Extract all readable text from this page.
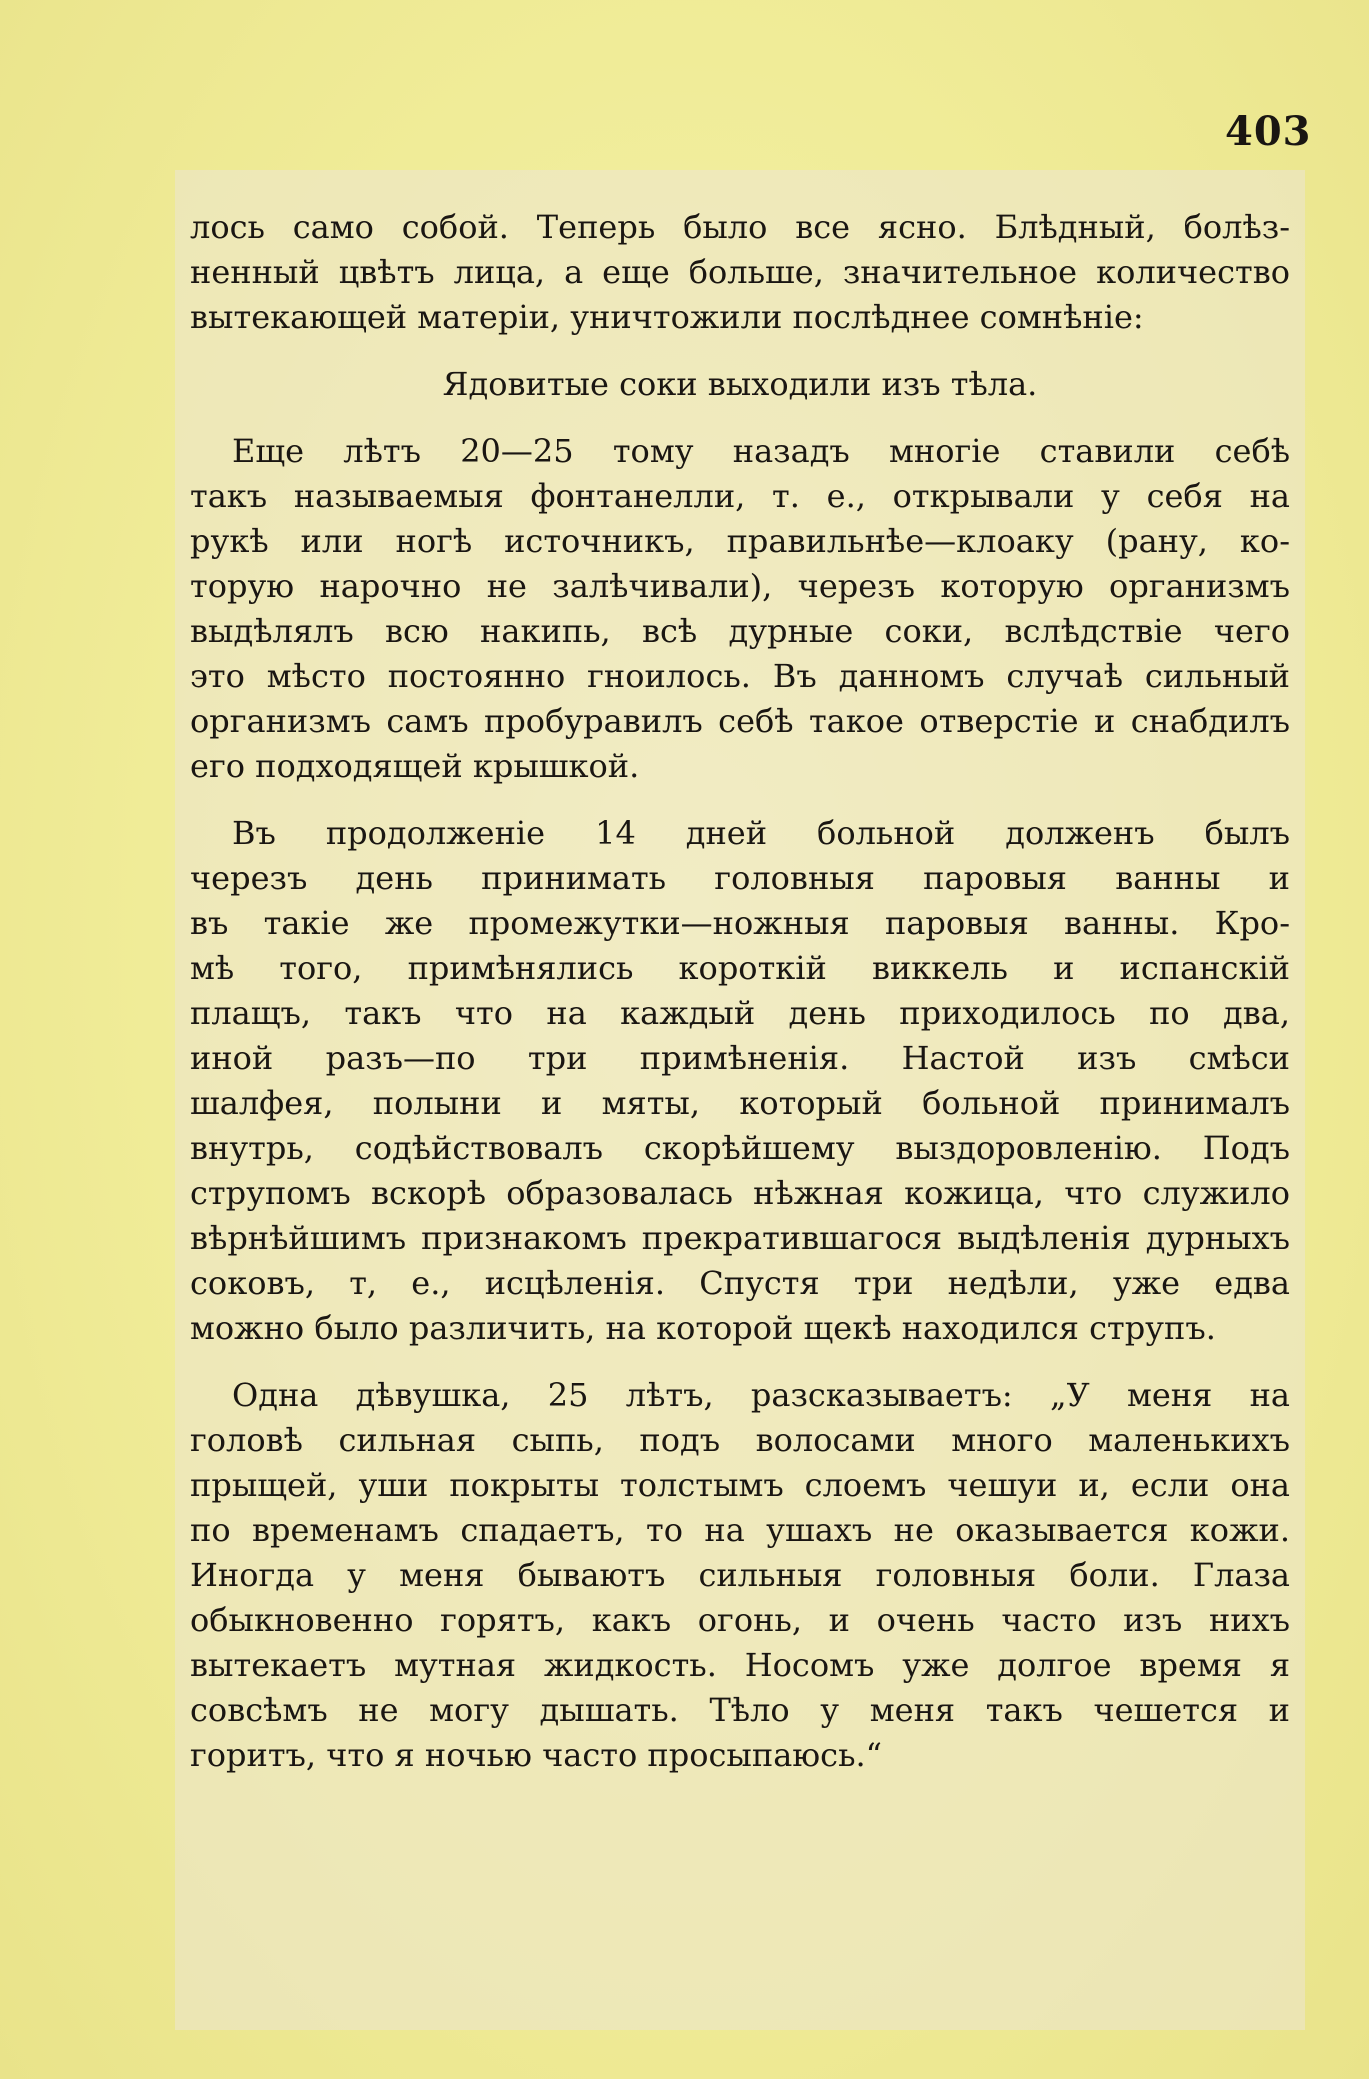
403
лось само собой. Теперь было все ясно. Блѣдный, болѣз-
ненный цвѣтъ лица, а еще больше, значительное количество
вытекающей матеріи, уничтожили послѣднее сомнѣніе:
Ядовитые соки выходили изъ тѣла.
Еще лѣтъ 20—25 тому назадъ многіе ставили себѣ
такъ называемыя фонтанелли, т. е., открывали у себя на
рукѣ или ногѣ источникъ, правильнѣе—клоаку (рану, ко-
торую нарочно не залѣчивали), черезъ которую организмъ
выдѣлялъ всю накипь, всѣ дурные соки, вслѣдствіе чего
это мѣсто постоянно гноилось. Въ данномъ случаѣ сильный
организмъ самъ пробуравилъ себѣ такое отверстіе и снабдилъ
его подходящей крышкой.
Въ продолженіе 14 дней больной долженъ былъ
черезъ день принимать головныя паровыя ванны и
въ такіе же промежутки—ножныя паровыя ванны. Кро-
мѣ того, примѣнялись короткій виккель и испанскій
плащъ, такъ что на каждый день приходилось по два,
иной разъ—по три примѣненія. Настой изъ смѣси
шалфея, полыни и мяты, который больной принималъ
внутрь, содѣйствовалъ скорѣйшему выздоровленію. Подъ
струпомъ вскорѣ образовалась нѣжная кожица, что служило
вѣрнѣйшимъ признакомъ прекратившагося выдѣленія дурныхъ
соковъ, т, е., исцѣленія. Спустя три недѣли, уже едва
можно было различить, на которой щекѣ находился струпъ.
Одна дѣвушка, 25 лѣтъ, разсказываетъ: „У меня на
головѣ сильная сыпь, подъ волосами много маленькихъ
прыщей, уши покрыты толстымъ слоемъ чешуи и, если она
по временамъ спадаетъ, то на ушахъ не оказывается кожи.
Иногда у меня бываютъ сильныя головныя боли. Глаза
обыкновенно горятъ, какъ огонь, и очень часто изъ нихъ
вытекаетъ мутная жидкость. Носомъ уже долгое время я
совсѣмъ не могу дышать. Тѣло у меня такъ чешется и
горитъ, что я ночью часто просыпаюсь.“
